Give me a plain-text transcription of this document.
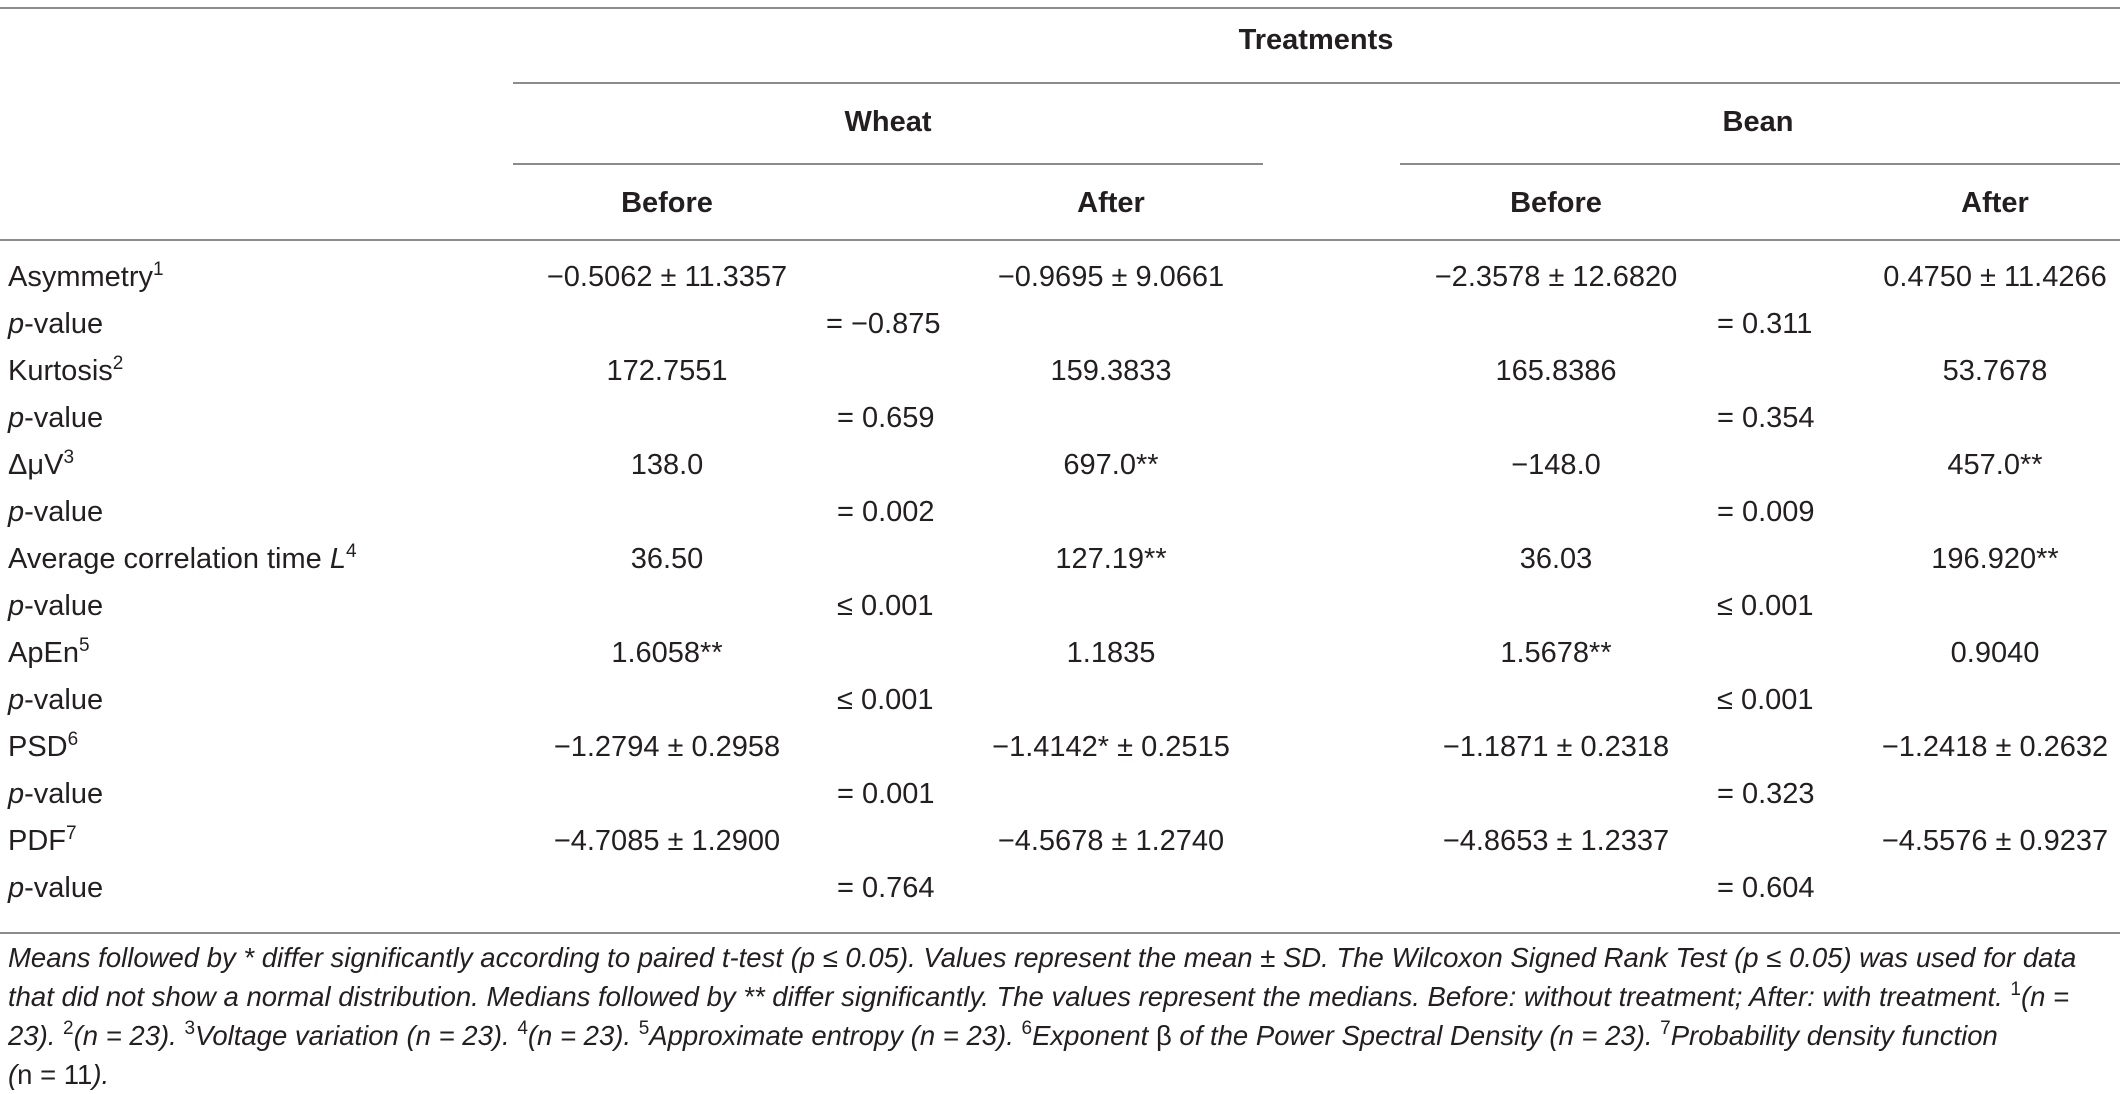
Treatments
Wheat	Bean
Before	After	Before	After
Asymmetry$^1$	−0.5062 ± 11.3357	−0.9695 ± 9.0661	−2.3578 ± 12.6820	0.4750 ± 11.4266
p-value	= −0.875	= 0.311
Kurtosis$^2$	172.7551	159.3833	165.8386	53.7678
p-value	= 0.659	= 0.354
ΔμV$^3$	138.0	697.0**	−148.0	457.0**
p-value	= 0.002	= 0.009
Average correlation time $L^4$	36.50	127.19**	36.03	196.920**
p-value	≤ 0.001	≤ 0.001
ApEn$^5$	1.6058**	1.1835	1.5678**	0.9040
p-value	≤ 0.001	≤ 0.001
$PSD^6$	−1.2794 ± 0.2958	−1.4142* ± 0.2515	−1.1871 ± 0.2318	−1.2418 ± 0.2632
p-value	= 0.001	= 0.323
$PDF^7$	−4.7085 ± 1.2900	−4.5678 ± 1.2740	−4.8653 ± 1.2337	−4.5576 ± 0.9237
p-value	= 0.764	= 0.604
Means followed by * differ significantly according to paired t-test (p ≤ 0.05). Values represent the mean ± SD. The Wilcoxon Signed Rank Test (p ≤ 0.05) was used for data that did not show a normal distribution. Medians followed by ** differ significantly. The values represent the medians. Before: without treatment; After: with treatment. $^1$(n = 23). $^2$(n = 23). $^3$Voltage variation (n = 23). $^4$(n = 23). $^5$Approximate entropy (n = 23). $^6$Exponent β of the Power Spectral Density (n = 23). $^7$Probability density function
(n = 11).
